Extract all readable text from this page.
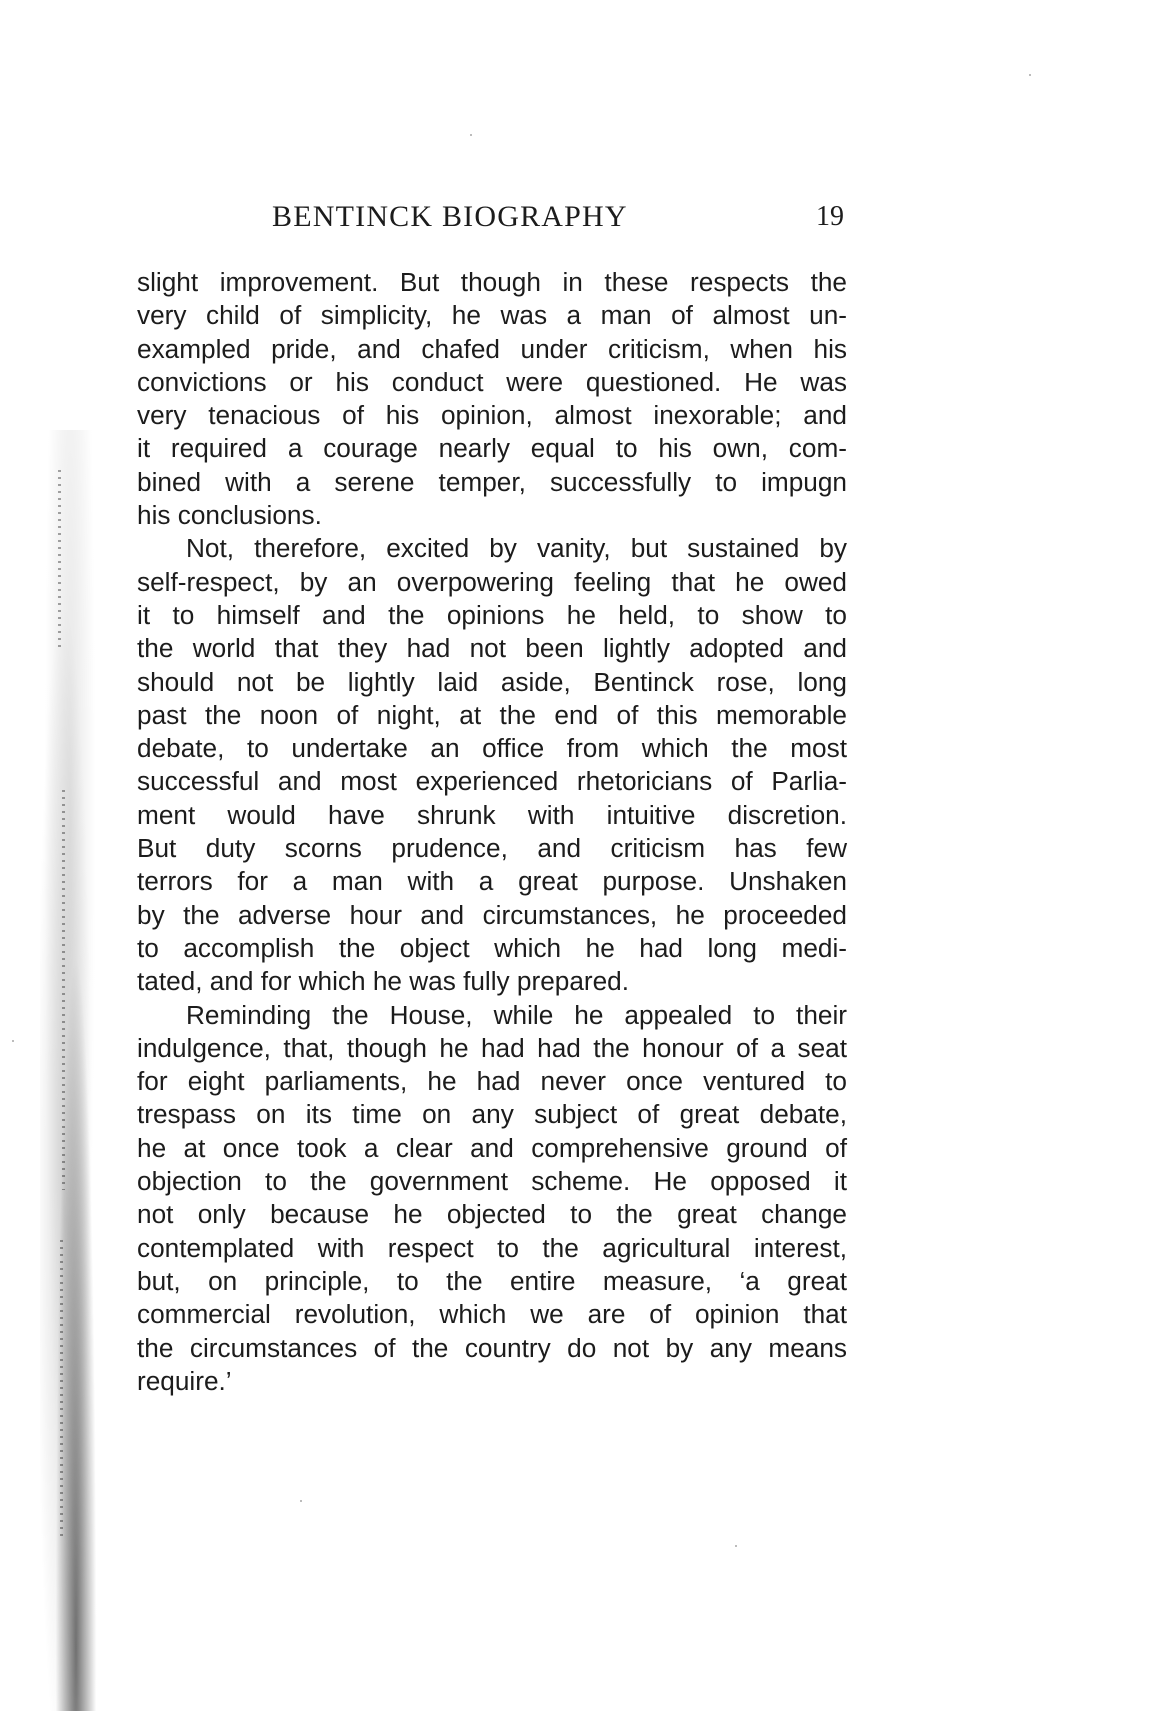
BENTINCK BIOGRAPHY	19
slight improvement. But though in these respects the
very child of simplicity, he was a man of almost un-
exampled pride, and chafed under criticism, when his
convictions or his conduct were questioned. He was
very tenacious of his opinion, almost inexorable; and
it required a courage nearly equal to his own, com-
bined with a serene temper, successfully to impugn
his conclusions.
Not, therefore, excited by vanity, but sustained by
self-respect, by an overpowering feeling that he owed
it to himself and the opinions he held, to show to
the world that they had not been lightly adopted and
should not be lightly laid aside, Bentinck rose, long
past the noon of night, at the end of this memorable
debate, to undertake an office from which the most
successful and most experienced rhetoricians of Parlia-
ment would have shrunk with intuitive discretion.
But duty scorns prudence, and criticism has few
terrors for a man with a great purpose. Unshaken
by the adverse hour and circumstances, he proceeded
to accomplish the object which he had long medi-
tated, and for which he was fully prepared.
Reminding the House, while he appealed to their
indulgence, that, though he had had the honour of a seat
for eight parliaments, he had never once ventured to
trespass on its time on any subject of great debate,
he at once took a clear and comprehensive ground of
objection to the government scheme. He opposed it
not only because he objected to the great change
contemplated with respect to the agricultural interest,
but, on principle, to the entire measure, ‘a great
commercial revolution, which we are of opinion that
the circumstances of the country do not by any means
require.’
